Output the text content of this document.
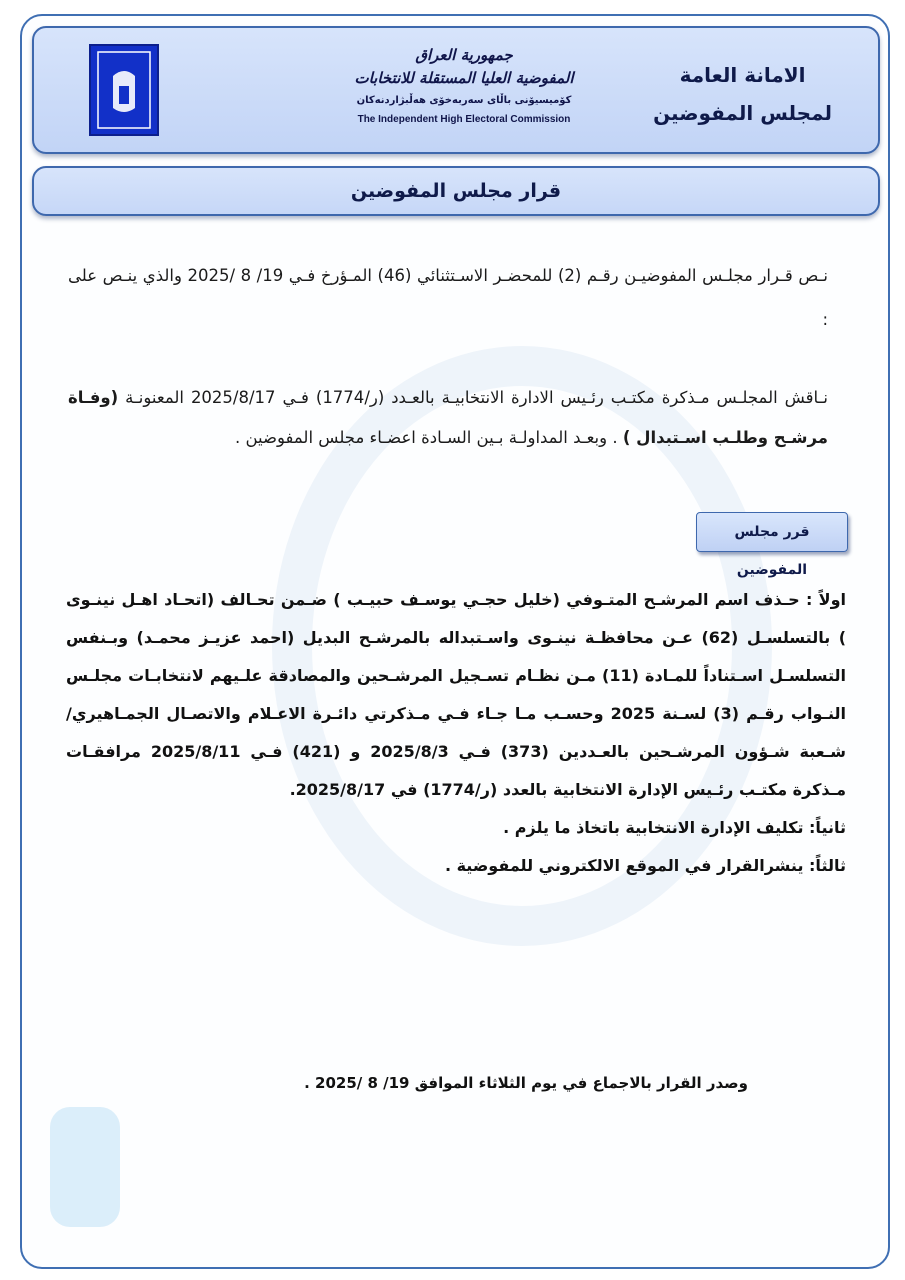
الامانة العامة
لمجلس المفوضين
جمهورية العراق
المفوضية العليا المستقلة للانتخابات
كۆمیسیۆنی باڵای سەربەخۆی هەڵبژاردنەکان
The Independent High Electoral Commission
قرار مجلس المفوضين
نـص قـرار مجلـس المفوضيـن رقـم (2) للمحضـر الاسـتثنائي (46) المـؤرخ فـي 19/ 8 /2025 والذي ينـص على :
نـاقش المجلـس مـذكرة مكتـب رئـيس الادارة الانتخابيـة بالعـدد (ر/1774) فـي 2025/8/17 المعنونـة (وفـاة مرشـح وطلـب اسـتبدال ) . وبعـد المداولـة بـين السـادة اعضـاء مجلس المفوضين .
قرر مجلس المفوضين
اولاً : حـذف اسم المرشـح المتـوفي (خليل حجـي يوسـف حبيـب ) ضـمن تحـالف (اتحـاد اهـل نينـوى ) بالتسلسـل (62) عـن محافظـة نينـوى واسـتبداله بالمرشـح البديل (احمد عزيـز محمـد) وبـنفس التسلسـل اسـتناداً للمـادة (11) مـن نظـام تسـجيل المرشـحين والمصادقة علـيهم لانتخابـات مجلـس النـواب رقـم (3) لسـنة 2025 وحسـب مـا جـاء فـي مـذكرتي دائـرة الاعـلام والاتصـال الجمـاهيري/شـعبة شـؤون المرشـحين بالعـددين (373) فـي 2025/8/3 و (421) فـي 2025/8/11 مرافقـات مـذكرة مكتـب رئـيس الإدارة الانتخابية بالعدد (ر/1774) في 2025/8/17.
ثانياً: تكليف الإدارة الانتخابية باتخاذ ما يلزم .
ثالثاً: ينشرالقرار في الموقع الالكتروني للمفوضية .
وصدر القرار بالاجماع في يوم الثلاثاء الموافق 19/ 8 /2025 .
